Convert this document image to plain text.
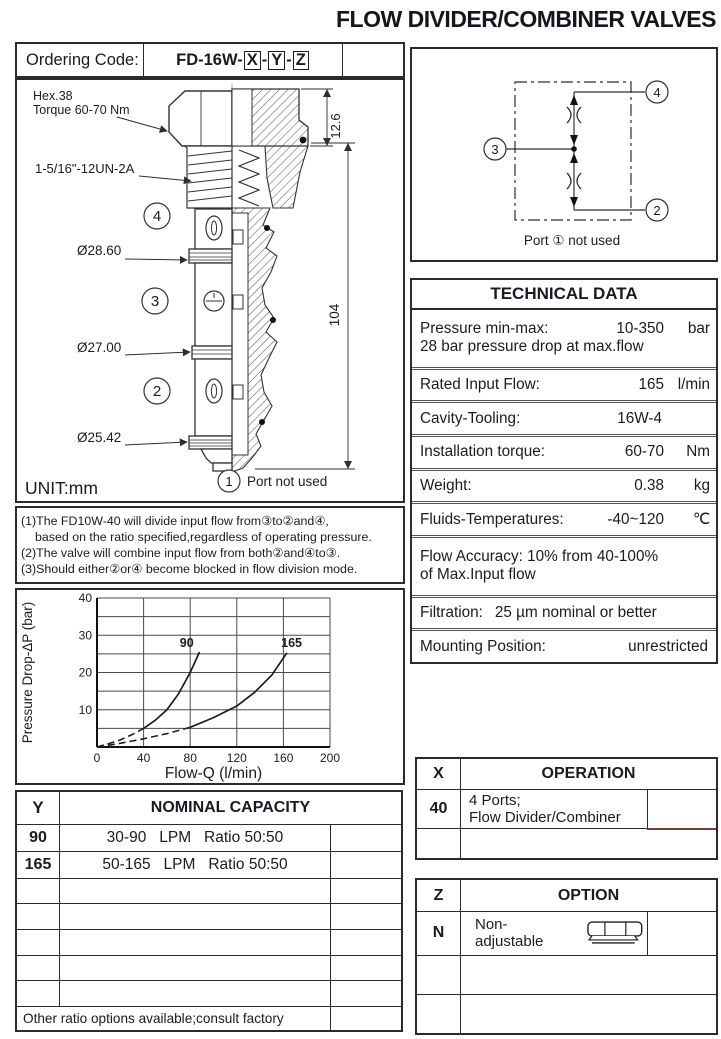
FLOW DIVIDER/COMBINER VALVES
Ordering Code:	FD-16W- X - Y - Z
Hex.38
Torque 60-70 Nm
1-5/16"-12UN-2A
Ø28.60
Ø27.00
Ø25.42
4
3
2
12.6
104
UNIT:mm	1 Port not used
(1)The FD10W-40 will divide input flow from③to②and④,
based on the ratio specified,regardless of operating pressure.
(2)The valve will combine input flow from both②and④to③.
(3)Should either②or④ become blocked in flow division mode.
0	40	80 120 160 200
10
20
30
40
Flow-Q (l/min)
Pressure Drop-ΔP (bar)	90	165
4
2
3
Port ① not used
TECHNICAL DATA
Pressure min-max:	10-350	bar
28 bar pressure drop at max.flow
Rated Input Flow:	165 l/min
Cavity-Tooling:	16W-4
Installation torque:	60-70	Nm
Weight:	0.38	kg
Fluids-Temperatures:	-40~120	℃
Flow Accuracy: 10% from 40-100%
of Max.Input flow
Filtration: 25 µm nominal or better
Mounting Position:	unrestricted
Y	NOMINAL CAPACITY
90	30-90   LPM   Ratio 50:50
165	50-165   LPM   Ratio 50:50
Other ratio options available;consult factory
X	OPERATION
40	4 Ports;
Flow Divider/Combiner
Z	OPTION
N	Non-adjustable
